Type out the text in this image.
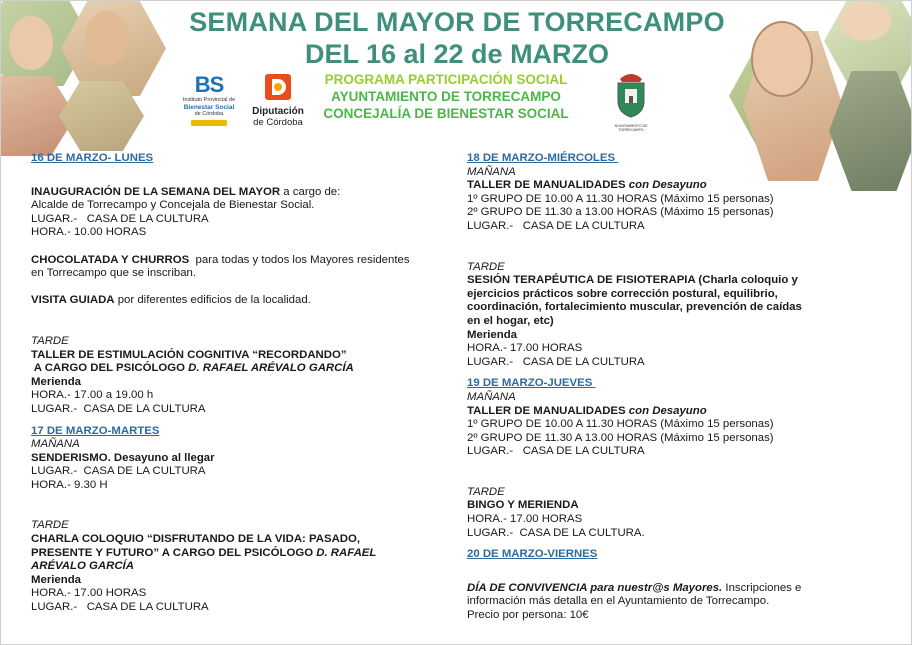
SEMANA DEL MAYOR DE TORRECAMPO
DEL 16 al 22 de MARZO
BS
Instituto Provincial de
Bienestar Social
de Córdoba	Diputación
de Córdoba
PROGRAMA PARTICIPACIÓN SOCIAL
AYUNTAMIENTO DE TORRECAMPO
CONCEJALÍA DE BIENESTAR SOCIAL
AYUNTAMIENTO DE TORRECAMPO
16 DE MARZO- LUNES
INAUGURACIÓN DE LA SEMANA DEL MAYOR a cargo de:
Alcalde de Torrecampo y Concejala de Bienestar Social.
LUGAR.-   CASA DE LA CULTURA
HORA.- 10.00 HORAS
CHOCOLATADA Y CHURROS  para todas y todos los Mayores residentes
en Torrecampo que se inscriban.
VISITA GUIADA por diferentes edificios de la localidad.
TARDE
TALLER DE ESTIMULACIÓN COGNITIVA “RECORDANDO”
A CARGO DEL PSICÓLOGO D. RAFAEL ARÉVALO GARCÍA
Merienda
HORA.- 17.00 a 19.00 h
LUGAR.-  CASA DE LA CULTURA
17 DE MARZO-MARTES
MAÑANA
SENDERISMO. Desayuno al llegar
LUGAR.-  CASA DE LA CULTURA
HORA.- 9.30 H
TARDE
CHARLA COLOQUIO “DISFRUTANDO DE LA VIDA: PASADO,
PRESENTE Y FUTURO” A CARGO DEL PSICÓLOGO D. RAFAEL
ARÉVALO GARCÍA
Merienda
HORA.- 17.00 HORAS
LUGAR.-   CASA DE LA CULTURA
18 DE MARZO-MIÉRCOLES
MAÑANA
TALLER DE MANUALIDADES con Desayuno
1º GRUPO DE 10.00 A 11.30 HORAS (Máximo 15 personas)
2º GRUPO DE 11.30 a 13.00 HORAS (Máximo 15 personas)
LUGAR.-   CASA DE LA CULTURA
TARDE
SESIÓN TERAPÉUTICA DE FISIOTERAPIA (Charla coloquio y
ejercicios prácticos sobre corrección postural, equilibrio,
coordinación, fortalecimiento muscular, prevención de caídas
en el hogar, etc)
Merienda
HORA.- 17.00 HORAS
LUGAR.-   CASA DE LA CULTURA
19 DE MARZO-JUEVES
MAÑANA
TALLER DE MANUALIDADES con Desayuno
1º GRUPO DE 10.00 A 11.30 HORAS (Máximo 15 personas)
2º GRUPO DE 11.30 A 13.00 HORAS (Máximo 15 personas)
LUGAR.-   CASA DE LA CULTURA
TARDE
BINGO Y MERIENDA
HORA.- 17.00 HORAS
LUGAR.-  CASA DE LA CULTURA.
20 DE MARZO-VIERNES
DÍA DE CONVIVENCIA para nuestr@s Mayores. Inscripciones e
información más detalla en el Ayuntamiento de Torrecampo.
Precio por persona: 10€
